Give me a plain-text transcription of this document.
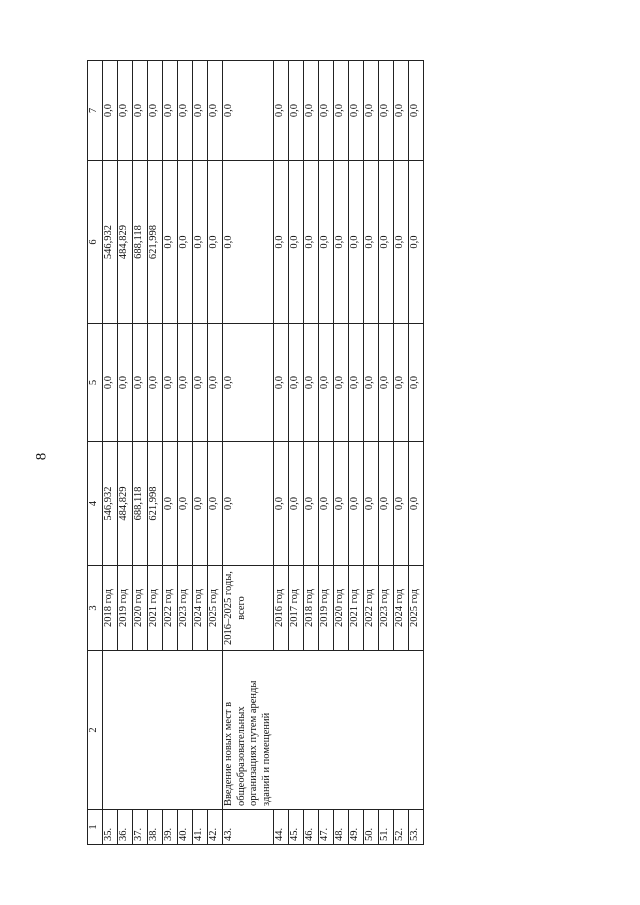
8
1	2	3	4	5	6	7
35.		2018 год	546,932	0,0	546,932	0,0
36.		2019 год	484,829	0,0	484,829	0,0
37.		2020 год	688,118	0,0	688,118	0,0
38.		2021 год	621,998	0,0	621,998	0,0
39.		2022 год	0,0	0,0	0,0	0,0
40.		2023 год	0,0	0,0	0,0	0,0
41.		2024 год	0,0	0,0	0,0	0,0
42.		2025 год	0,0	0,0	0,0	0,0
43.	Введение новых мест в общеобразовательных организациях путем аренды зданий и помещений	2016–2025 годы, всего	0,0	0,0	0,0	0,0
44.		2016 год	0,0	0,0	0,0	0,0
45.		2017 год	0,0	0,0	0,0	0,0
46.		2018 год	0,0	0,0	0,0	0,0
47.		2019 год	0,0	0,0	0,0	0,0
48.		2020 год	0,0	0,0	0,0	0,0
49.		2021 год	0,0	0,0	0,0	0,0
50.		2022 год	0,0	0,0	0,0	0,0
51.		2023 год	0,0	0,0	0,0	0,0
52.		2024 год	0,0	0,0	0,0	0,0
53.		2025 год	0,0	0,0	0,0	0,0
